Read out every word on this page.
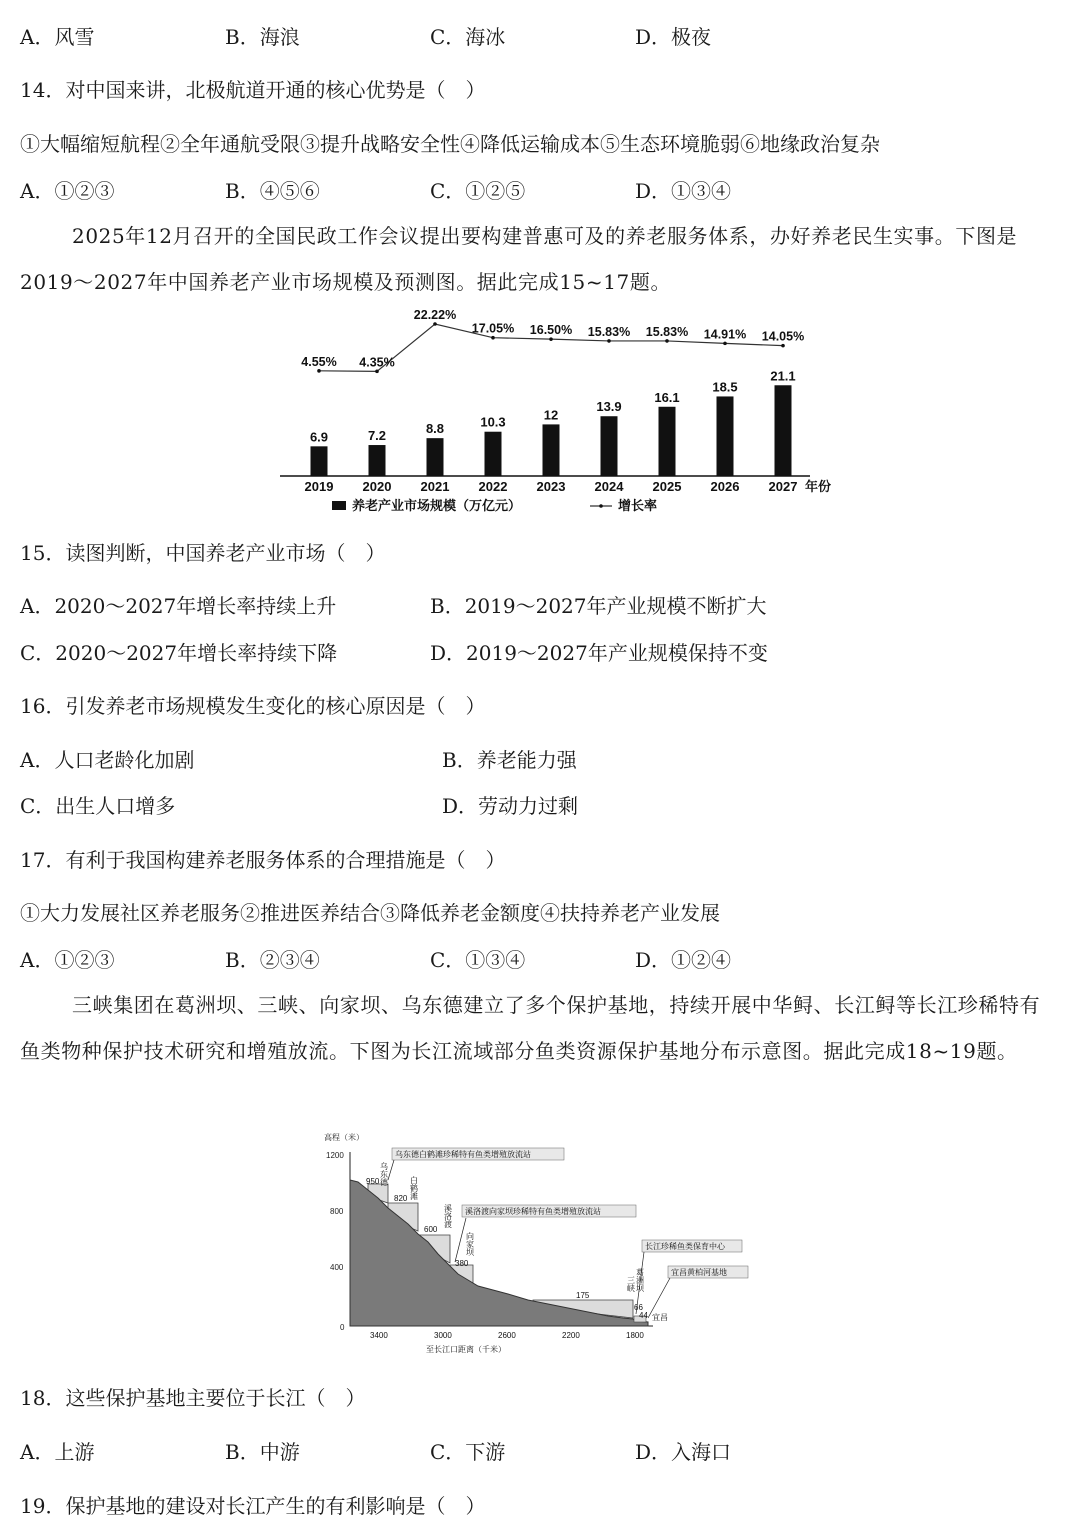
A．风雪	B．海浪	C．海冰	D．极夜
14．对中国来讲，北极航道开通的核心优势是（　）
①大幅缩短航程②全年通航受限③提升战略安全性④降低运输成本⑤生态环境脆弱⑥地缘政治复杂
A．①②③	B．④⑤⑥	C．①②⑤	D．①③④
2025年12月召开的全国民政工作会议提出要构建普惠可及的养老服务体系，办好养老民生实事。下图是2019～2027年中国养老产业市场规模及预测图。据此完成15~17题。
6.9	7.2	8.8	10.3	12
13.9
16.1
18.5
21.1
4.55% 4.35%
22.22%
17.05% 16.50% 15.83% 15.83% 14.91% 14.05%
2019 2020 2021 2022 2023 2024 2025 2026 2027 年份
养老产业市场规模（万亿元）	增长率
15．读图判断，中国养老产业市场（　）
A．2020～2027年增长率持续上升	B．2019～2027年产业规模不断扩大
C．2020～2027年增长率持续下降	D．2019～2027年产业规模保持不变
16．引发养老市场规模发生变化的核心原因是（　）
A．人口老龄化加剧	B．养老能力强
C．出生人口增多	D．劳动力过剩
17．有利于我国构建养老服务体系的合理措施是（　）
①大力发展社区养老服务②推进医养结合③降低养老金额度④扶持养老产业发展
A．①②③	B．②③④	C．①③④	D．①②④
三峡集团在葛洲坝、三峡、向家坝、乌东德建立了多个保护基地，持续开展中华鲟、长江鲟等长江珍稀特有鱼类物种保护技术研究和增殖放流。下图为长江流域部分鱼类资源保护基地分布示意图。据此完成18~19题。
高程（米）
1200
800
400
0
950
820
600
380
175
66
44
乌东德
白鹤滩
溪洛渡
向家坝
三峡 葛洲坝
宜昌
乌东德白鹤滩珍稀特有鱼类增殖放流站
溪洛渡向家坝珍稀特有鱼类增殖放流站
长江珍稀鱼类保育中心
宜昌黄柏河基地
3400	3000	2600	2200	1800
至长江口距离（千米）
18．这些保护基地主要位于长江（　）
A．上游	B．中游	C．下游	D．入海口
19．保护基地的建设对长江产生的有利影响是（　）
